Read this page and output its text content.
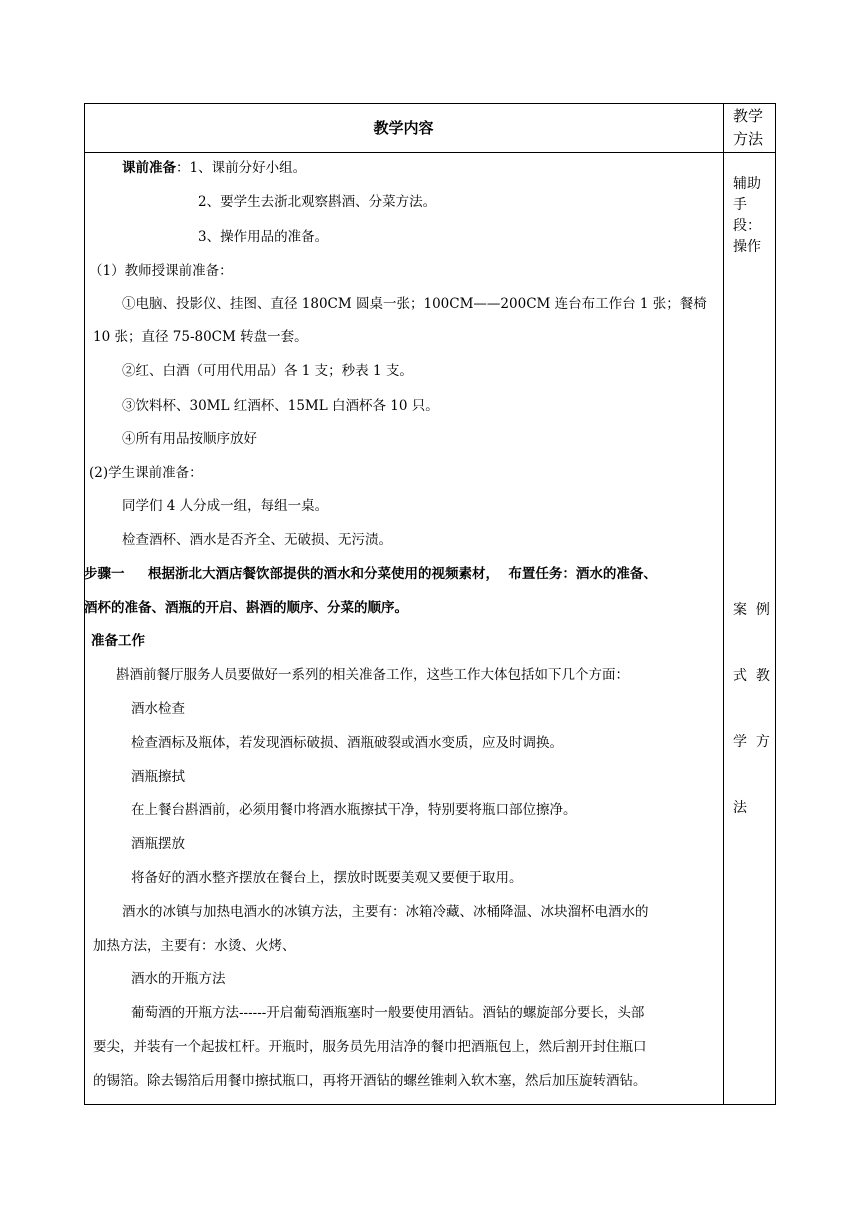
教学内容
教学
方法
辅助
手
段：
操作

案  例

式  教

学  方

法

课前准备：1、课前分好小组。
2、要学生去浙北观察斟酒、分菜方法。
3、操作用品的准备。
（1）教师授课前准备：
①电脑、投影仪、挂图、直径 180CM 圆桌一张；100CM——200CM 连台布工作台 1 张；餐椅
10 张；直径 75-80CM 转盘一套。
②红、白酒（可用代用品）各 1 支；秒表 1 支。
③饮料杯、30ML 红酒杯、15ML 白酒杯各 10 只。
④所有用品按顺序放好
(2)学生课前准备：
同学们 4 人分成一组，每组一桌。
检查酒杯、酒水是否齐全、无破损、无污渍。
步骤一     根据浙北大酒店餐饮部提供的酒水和分菜使用的视频素材，  布置任务：酒水的准备、
酒杯的准备、酒瓶的开启、斟酒的顺序、分菜的顺序。
准备工作
斟酒前餐厅服务人员要做好一系列的相关准备工作，这些工作大体包括如下几个方面：
酒水检查
检查酒标及瓶体，若发现酒标破损、酒瓶破裂或酒水变质，应及时调换。
酒瓶擦拭
在上餐台斟酒前，必须用餐巾将酒水瓶擦拭干净，特别要将瓶口部位擦净。
酒瓶摆放
将备好的酒水整齐摆放在餐台上，摆放时既要美观又要便于取用。
酒水的冰镇与加热电酒水的冰镇方法，主要有：冰箱冷藏、冰桶降温、冰块溜杯电酒水的
加热方法，主要有：水烫、火烤、
酒水的开瓶方法
葡萄酒的开瓶方法------开启葡萄酒瓶塞时一般要使用酒钻。酒钻的螺旋部分要长，头部
要尖，并装有一个起拔杠杆。开瓶时，服务员先用洁净的餐巾把酒瓶包上，然后割开封住瓶口
的锡箔。除去锡箔后用餐巾擦拭瓶口，再将开酒钻的螺丝锥刺入软木塞，然后加压旋转酒钻。
